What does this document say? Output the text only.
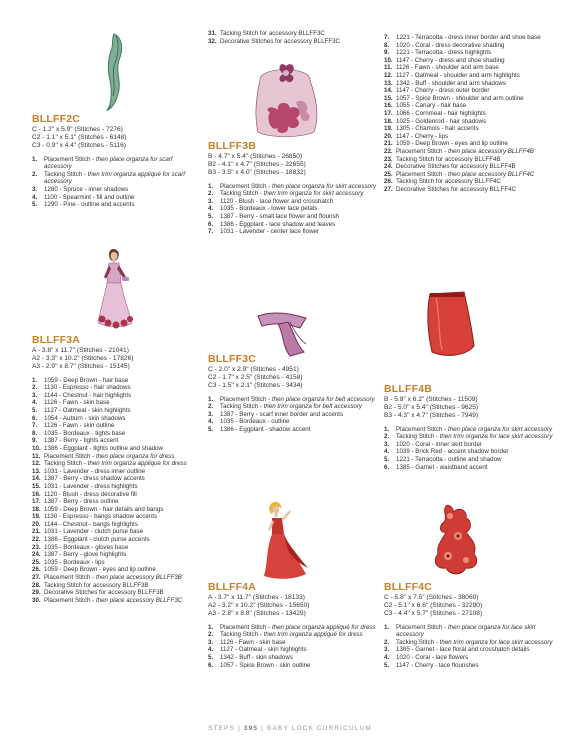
BLLFF2C
C - 1.2" x 5.9" (Stitches - 7276)
C2 - 1.1" x 5.1" (Stitches - 6148)
C3 - 0.9" x 4.4" (Stitches - 5116)
1.	Placement Stitch - then place organza for scarf accessory
2.	Tacking Stitch - then trim organza appliqué for scarf accessory
3.	1280 - Spruce - inner shadows
4.	1100 - Spearmint - fill and outline
5.	1290 - Pine - outline and accents
BLLFF3A
A - 3.8" x 11.7" (Stitches - 21041)
A2 - 3.3" x 10.2" (Stitches - 17826)
A3 - 2.9" x 8.7" (Stitches - 15145)
1.	1059 - Deep Brown - hair base
2.	1130 - Espresso - hair shadows
3.	1144 - Chestnut - hair highlights
4.	1126 - Fawn - skin base
5.	1127 - Oatmeal - skin highlights
6.	1054 - Auburn - skin shadows
7.	1126 - Fawn - skin outline
8.	1035 - Bordeaux - tights base
9.	1387 - Berry - tights accent
10. 1386 - Eggplant - tights outline and shadow
11. Placement Stitch - then place organza for dress
12. Tacking Stitch - then trim organza appliqué for dress
13. 1031 - Lavender - dress inner outline
14. 1387 - Berry - dress shadow accents
15. 1031 - Lavender - dress highlights
16. 1120 - Blush - dress decorative fill
17. 1387 - Berry - dress outline
18. 1059 - Deep Brown - hair details and bangs
19. 1130 - Espresso - bangs shadow accents
20. 1144 - Chestnut - bangs highlights
21. 1031 - Lavender - clutch purse base
22. 1386 - Eggplant - clutch purse accents
23. 1035 - Bordeaux - gloves base
24. 1387 - Berry - glove highlights
25. 1035 - Bordeaux - lips
26. 1059 - Deep Brown - eyes and lip outline
27. Placement Stitch - then place accessory BLLFF3B
28. Tacking Stitch for accessory BLLFF3B
29. Decorative Stitches for accessory BLLFF3B
30. Placement Stitch - then place accessory BLLFF3C
31. Tacking Stitch for accessory BLLFF3C
32. Decorative Stitches for accessory BLLFF3C
BLLFF3B
B - 4.7" x 5.4" (Stitches - 26850)
B2 - 4.1" x 4.7" (Stitches - 22655)
B3 - 3.5" x 4.0" (Stitches - 18832)
1.	Placement Stitch - then place organza for skirt accessory
2.	Tacking Stitch - then trim organza for skirt accessory
3.	1120 - Blush - lace flower and crosshatch
4.	1035 - Bordeaux - lower lace petals
5.	1387 - Berry - small lace flower and flourish
6.	1386 - Eggplant - lace shadow and leaves
7.	1031 - Lavender - center lace flower
BLLFF3C
C - 2.0" x 2.9" (Stitches - 4951)
C2 - 1.7" x 2.5" (Stitches - 4158)
C3 - 1.5" x 2.1" (Stitches - 3434)
1.	Placement Stitch - then place organza for belt accessory
2.	Tacking Stitch - then trim organza for belt accessory
3.	1387 - Berry - scarf inner border and accents
4.	1035 - Bordeaux - outline
5.	1386 - Eggplant - shadow accent
BLLFF4A
A - 3.7" x 11.7" (Stitches - 18133)
A2 - 3.2" x 10.2" (Stitches - 15650)
A3 - 2.8" x 8.8" (Stitches - 13429)
1.	Placement Stitch - then place organza appliqué for dress
2.	Tacking Stitch - then trim organza appliqué for dress
3.	1126 - Fawn - skin base
4.	1127 - Oatmeal - skin highlights
5.	1342 - Buff - skin shadows
6.	1057 - Spice Brown - skin outline
7.	1221 - Terracotta - dress inner border and shoe base
8.	1020 - Coral - dress decorative shading
9.	1221 - Terracotta - dress highlights
10. 1147 - Cherry - dress and shoe shading
11. 1126 - Fawn - shoulder and arm base
12. 1127 - Oatmeal - shoulder and arm highlights
13. 1342 - Buff - shoulder and arm shadows
14. 1147 - Cherry - dress outer border
15. 1057 - Spice Brown - shoulder and arm outline
16. 1055 - Canary - hair base
17. 1066 - Cornmeal - hair highlights
18. 1025 - Goldenrod - hair shadows
19. 1305 - Chamois - hair accents
20. 1147 - Cherry - lips
21. 1059 - Deep Brown - eyes and lip outline
22. Placement Stitch - then place accessory BLLFF4B
23. Tacking Stitch for accessory BLLFF4B
24. Decorative Stitches for accessory BLLFF4B
25. Placement Stitch - then place accessory BLLFF4C
26. Tacking Stitch for accessory BLLFF4C
27. Decorative Stitches for accessory BLLFF4C
BLLFF4B
B - 5.8" x 6.2" (Stitches - 11509)
B2 - 5.0" x 5.4" (Stitches - 9625)
B3 - 4.3" x 4.7" (Stitches - 7949)
1.	Placement Stitch - then place organza for skirt accessory
2.	Tacking Stitch - then trim organza for lace skirt accessory
3.	1020 - Coral - inner skirt border
4.	1039 - Brick Red - accent shadow border
5.	1221 - Terracotta - outline and shadow
6.	1385 - Garnet - waistband accent
BLLFF4C
C - 5.8" x 7.5" (Stitches - 38060)
C2 - 5.1" x 6.6" (Stitches - 32290)
C3 - 4.4" x 5.7" (Stitches - 27108)
1.	Placement Stitch - then place organza for lace skirt accessory
2.	Tacking Stitch - then trim organza for lace skirt accessory
3.	1385 - Garnet - lace floral and crosshatch details
4.	1020 - Coral - lace flowers
5.	1147 - Cherry - lace flourishes
STEPS | 395 | BABY LOCK CURRICULUM
